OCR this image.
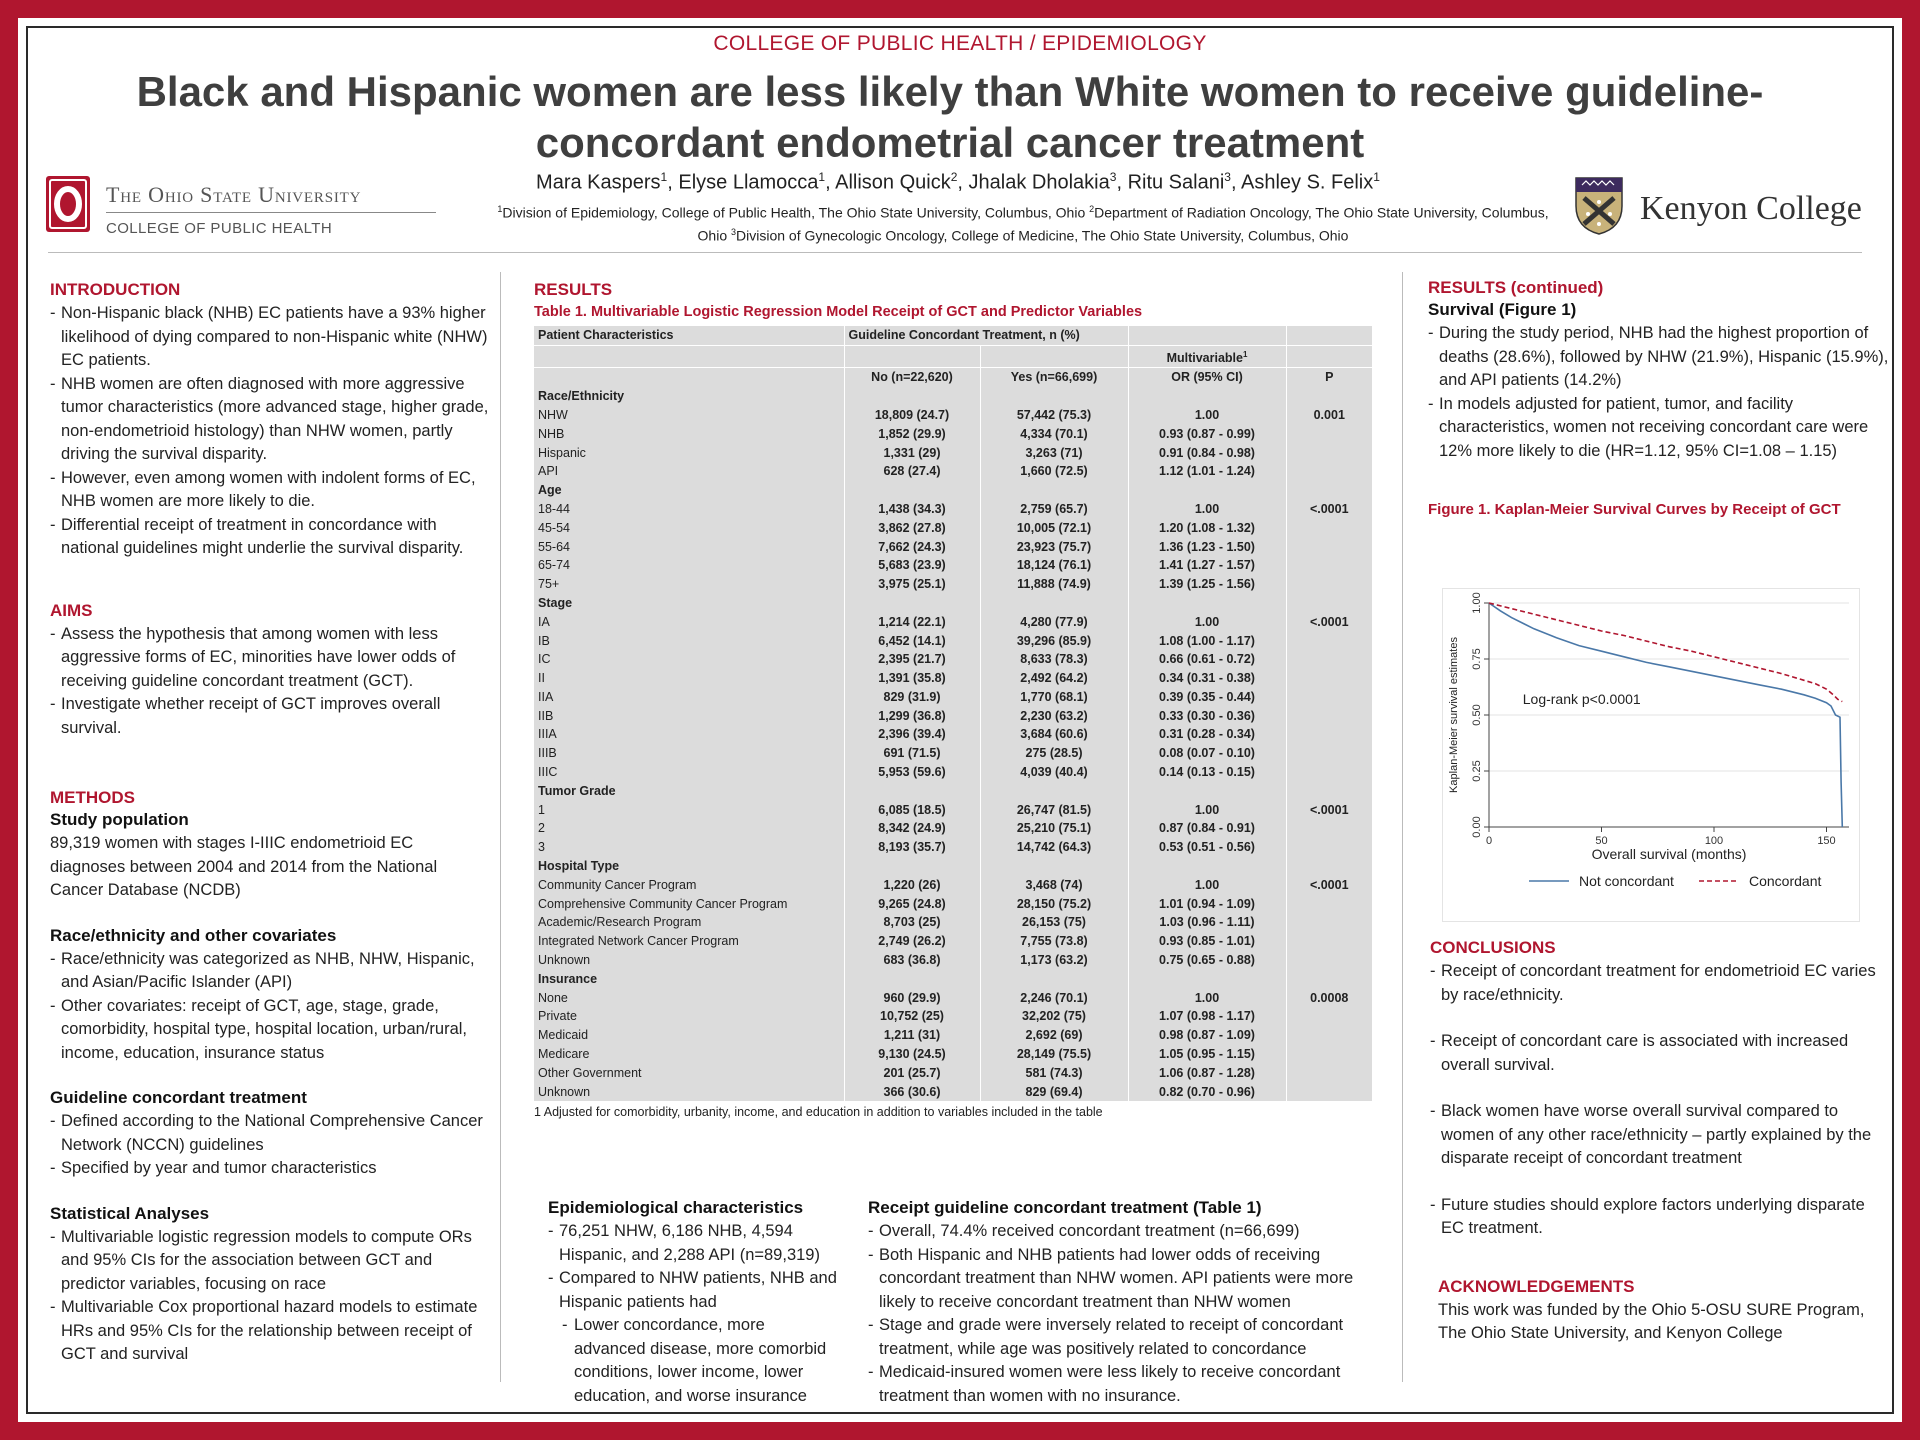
COLLEGE OF PUBLIC HEALTH / EPIDEMIOLOGY
Black and Hispanic women are less likely than White women to receive guideline-
concordant endometrial cancer treatment
Mara Kaspers$^1$, Elyse Llamocca$^1$, Allison Quick$^2$, Jhalak Dholakia$^3$, Ritu Salani$^3$, Ashley S. Felix$^1$
$^1$Division of Epidemiology, College of Public Health, The Ohio State University, Columbus, Ohio $^2$Department of Radiation Oncology, The Ohio State University, Columbus, Ohio $^3$Division of Gynecologic Oncology, College of Medicine, The Ohio State University, Columbus, Ohio
The Ohio State University
COLLEGE OF PUBLIC HEALTH
Kenyon College
INTRODUCTION
- Non-Hispanic black (NHB) EC patients have a 93% higher likelihood of dying compared to non-Hispanic white (NHW) EC patients.
- NHB women are often diagnosed with more aggressive tumor characteristics (more advanced stage, higher grade, non-endometrioid histology) than NHW women, partly driving the survival disparity.
- However, even among women with indolent forms of EC, NHB women are more likely to die.
- Differential receipt of treatment in concordance with national guidelines might underlie the survival disparity.
AIMS
- Assess the hypothesis that among women with less aggressive forms of EC, minorities have lower odds of receiving guideline concordant treatment (GCT).
- Investigate whether receipt of GCT improves overall survival.
METHODS
Study population

89,319 women with stages I-IIIC endometrioid EC diagnoses between 2004 and 2014 from the National Cancer Database (NCDB)

Race/ethnicity and other covariates
- Race/ethnicity was categorized as NHB, NHW, Hispanic, and Asian/Pacific Islander (API)
- Other covariates: receipt of GCT, age, stage, grade, comorbidity, hospital type, hospital location, urban/rural, income, education, insurance status
Guideline concordant treatment
- Defined according to the National Comprehensive Cancer Network (NCCN) guidelines
- Specified by year and tumor characteristics
Statistical Analyses
- Multivariable logistic regression models to compute ORs and 95% CIs for the association between GCT and predictor variables, focusing on race
- Multivariable Cox proportional hazard models to estimate HRs and 95% CIs for the relationship between receipt of GCT and survival
RESULTS
Table 1. Multivariable Logistic Regression Model Receipt of GCT and Predictor Variables
Patient Characteristics	Guideline Concordant Treatment, n (%)			
			Multivariable$^1$	
	No (n=22,620)	Yes (n=66,699)	OR (95% CI)	P
Race/Ethnicity				
NHW	18,809 (24.7)	57,442 (75.3)	1.00	0.001
NHB	1,852 (29.9)	4,334 (70.1)	0.93 (0.87 - 0.99)	
Hispanic	1,331 (29)	3,263 (71)	0.91 (0.84 - 0.98)	
API	628 (27.4)	1,660 (72.5)	1.12 (1.01 - 1.24)	
Age				
18-44	1,438 (34.3)	2,759 (65.7)	1.00	<.0001
45-54	3,862 (27.8)	10,005 (72.1)	1.20 (1.08 - 1.32)	
55-64	7,662 (24.3)	23,923 (75.7)	1.36 (1.23 - 1.50)	
65-74	5,683 (23.9)	18,124 (76.1)	1.41 (1.27 - 1.57)	
75+	3,975 (25.1)	11,888 (74.9)	1.39 (1.25 - 1.56)	
Stage				
IA	1,214 (22.1)	4,280 (77.9)	1.00	<.0001
IB	6,452 (14.1)	39,296 (85.9)	1.08 (1.00 - 1.17)	
IC	2,395 (21.7)	8,633 (78.3)	0.66 (0.61 - 0.72)	
II	1,391 (35.8)	2,492 (64.2)	0.34 (0.31 - 0.38)	
IIA	829 (31.9)	1,770 (68.1)	0.39 (0.35 - 0.44)	
IIB	1,299 (36.8)	2,230 (63.2)	0.33 (0.30 - 0.36)	
IIIA	2,396 (39.4)	3,684 (60.6)	0.31 (0.28 - 0.34)	
IIIB	691 (71.5)	275 (28.5)	0.08 (0.07 - 0.10)	
IIIC	5,953 (59.6)	4,039 (40.4)	0.14 (0.13 - 0.15)	
Tumor Grade				
1	6,085 (18.5)	26,747 (81.5)	1.00	<.0001
2	8,342 (24.9)	25,210 (75.1)	0.87 (0.84 - 0.91)	
3	8,193 (35.7)	14,742 (64.3)	0.53 (0.51 - 0.56)	
Hospital Type				
Community Cancer Program	1,220 (26)	3,468 (74)	1.00	<.0001
Comprehensive Community Cancer Program	9,265 (24.8)	28,150 (75.2)	1.01 (0.94 - 1.09)	
Academic/Research Program	8,703 (25)	26,153 (75)	1.03 (0.96 - 1.11)	
Integrated Network Cancer Program	2,749 (26.2)	7,755 (73.8)	0.93 (0.85 - 1.01)	
Unknown	683 (36.8)	1,173 (63.2)	0.75 (0.65 - 0.88)	
Insurance				
None	960 (29.9)	2,246 (70.1)	1.00	0.0008
Private	10,752 (25)	32,202 (75)	1.07 (0.98 - 1.17)	
Medicaid	1,211 (31)	2,692 (69)	0.98 (0.87 - 1.09)	
Medicare	9,130 (24.5)	28,149 (75.5)	1.05 (0.95 - 1.15)	
Other Government	201 (25.7)	581 (74.3)	1.06 (0.87 - 1.28)	
Unknown	366 (30.6)	829 (69.4)	0.82 (0.70 - 0.96)	
1 Adjusted for comorbidity, urbanity, income, and education in addition to variables included in the table
Epidemiological characteristics
- 76,251 NHW, 6,186 NHB, 4,594 Hispanic, and 2,288 API (n=89,319)
- Compared to NHW patients, NHB and Hispanic patients had
- Lower concordance, more advanced disease, more comorbid conditions, lower income, lower education, and worse insurance
Receipt guideline concordant treatment (Table 1)
- Overall, 74.4% received concordant treatment (n=66,699)
- Both Hispanic and NHB patients had lower odds of receiving concordant treatment than NHW women. API patients were more likely to receive concordant treatment than NHW women
- Stage and grade were inversely related to receipt of concordant treatment, while age was positively related to concordance
- Medicaid-insured women were less likely to receive concordant treatment than women with no insurance.
RESULTS (continued)
Survival (Figure 1)
- During the study period, NHB had the highest proportion of deaths (28.6%), followed by NHW (21.9%), Hispanic (15.9%), and API patients (14.2%)
- In models adjusted for patient, tumor, and facility characteristics, women not receiving concordant care were 12% more likely to die (HR=1.12, 95% CI=1.08 – 1.15)
Figure 1. Kaplan-Meier Survival Curves by Receipt of GCT
0.00
0.25
0.50
0.75
1.00
0	50	100	150
Overall survival (months)
Kaplan-Meier survival estimates	Log-rank p<0.0001
Not concordant	Concordant
CONCLUSIONS
- Receipt of concordant treatment for endometrioid EC varies by race/ethnicity.
- Receipt of concordant care is associated with increased overall survival.
- Black women have worse overall survival compared to women of any other race/ethnicity – partly explained by the disparate receipt of concordant treatment
- Future studies should explore factors underlying disparate EC treatment.
ACKNOWLEDGEMENTS

This work was funded by the Ohio 5-OSU SURE Program, The Ohio State University, and Kenyon College
